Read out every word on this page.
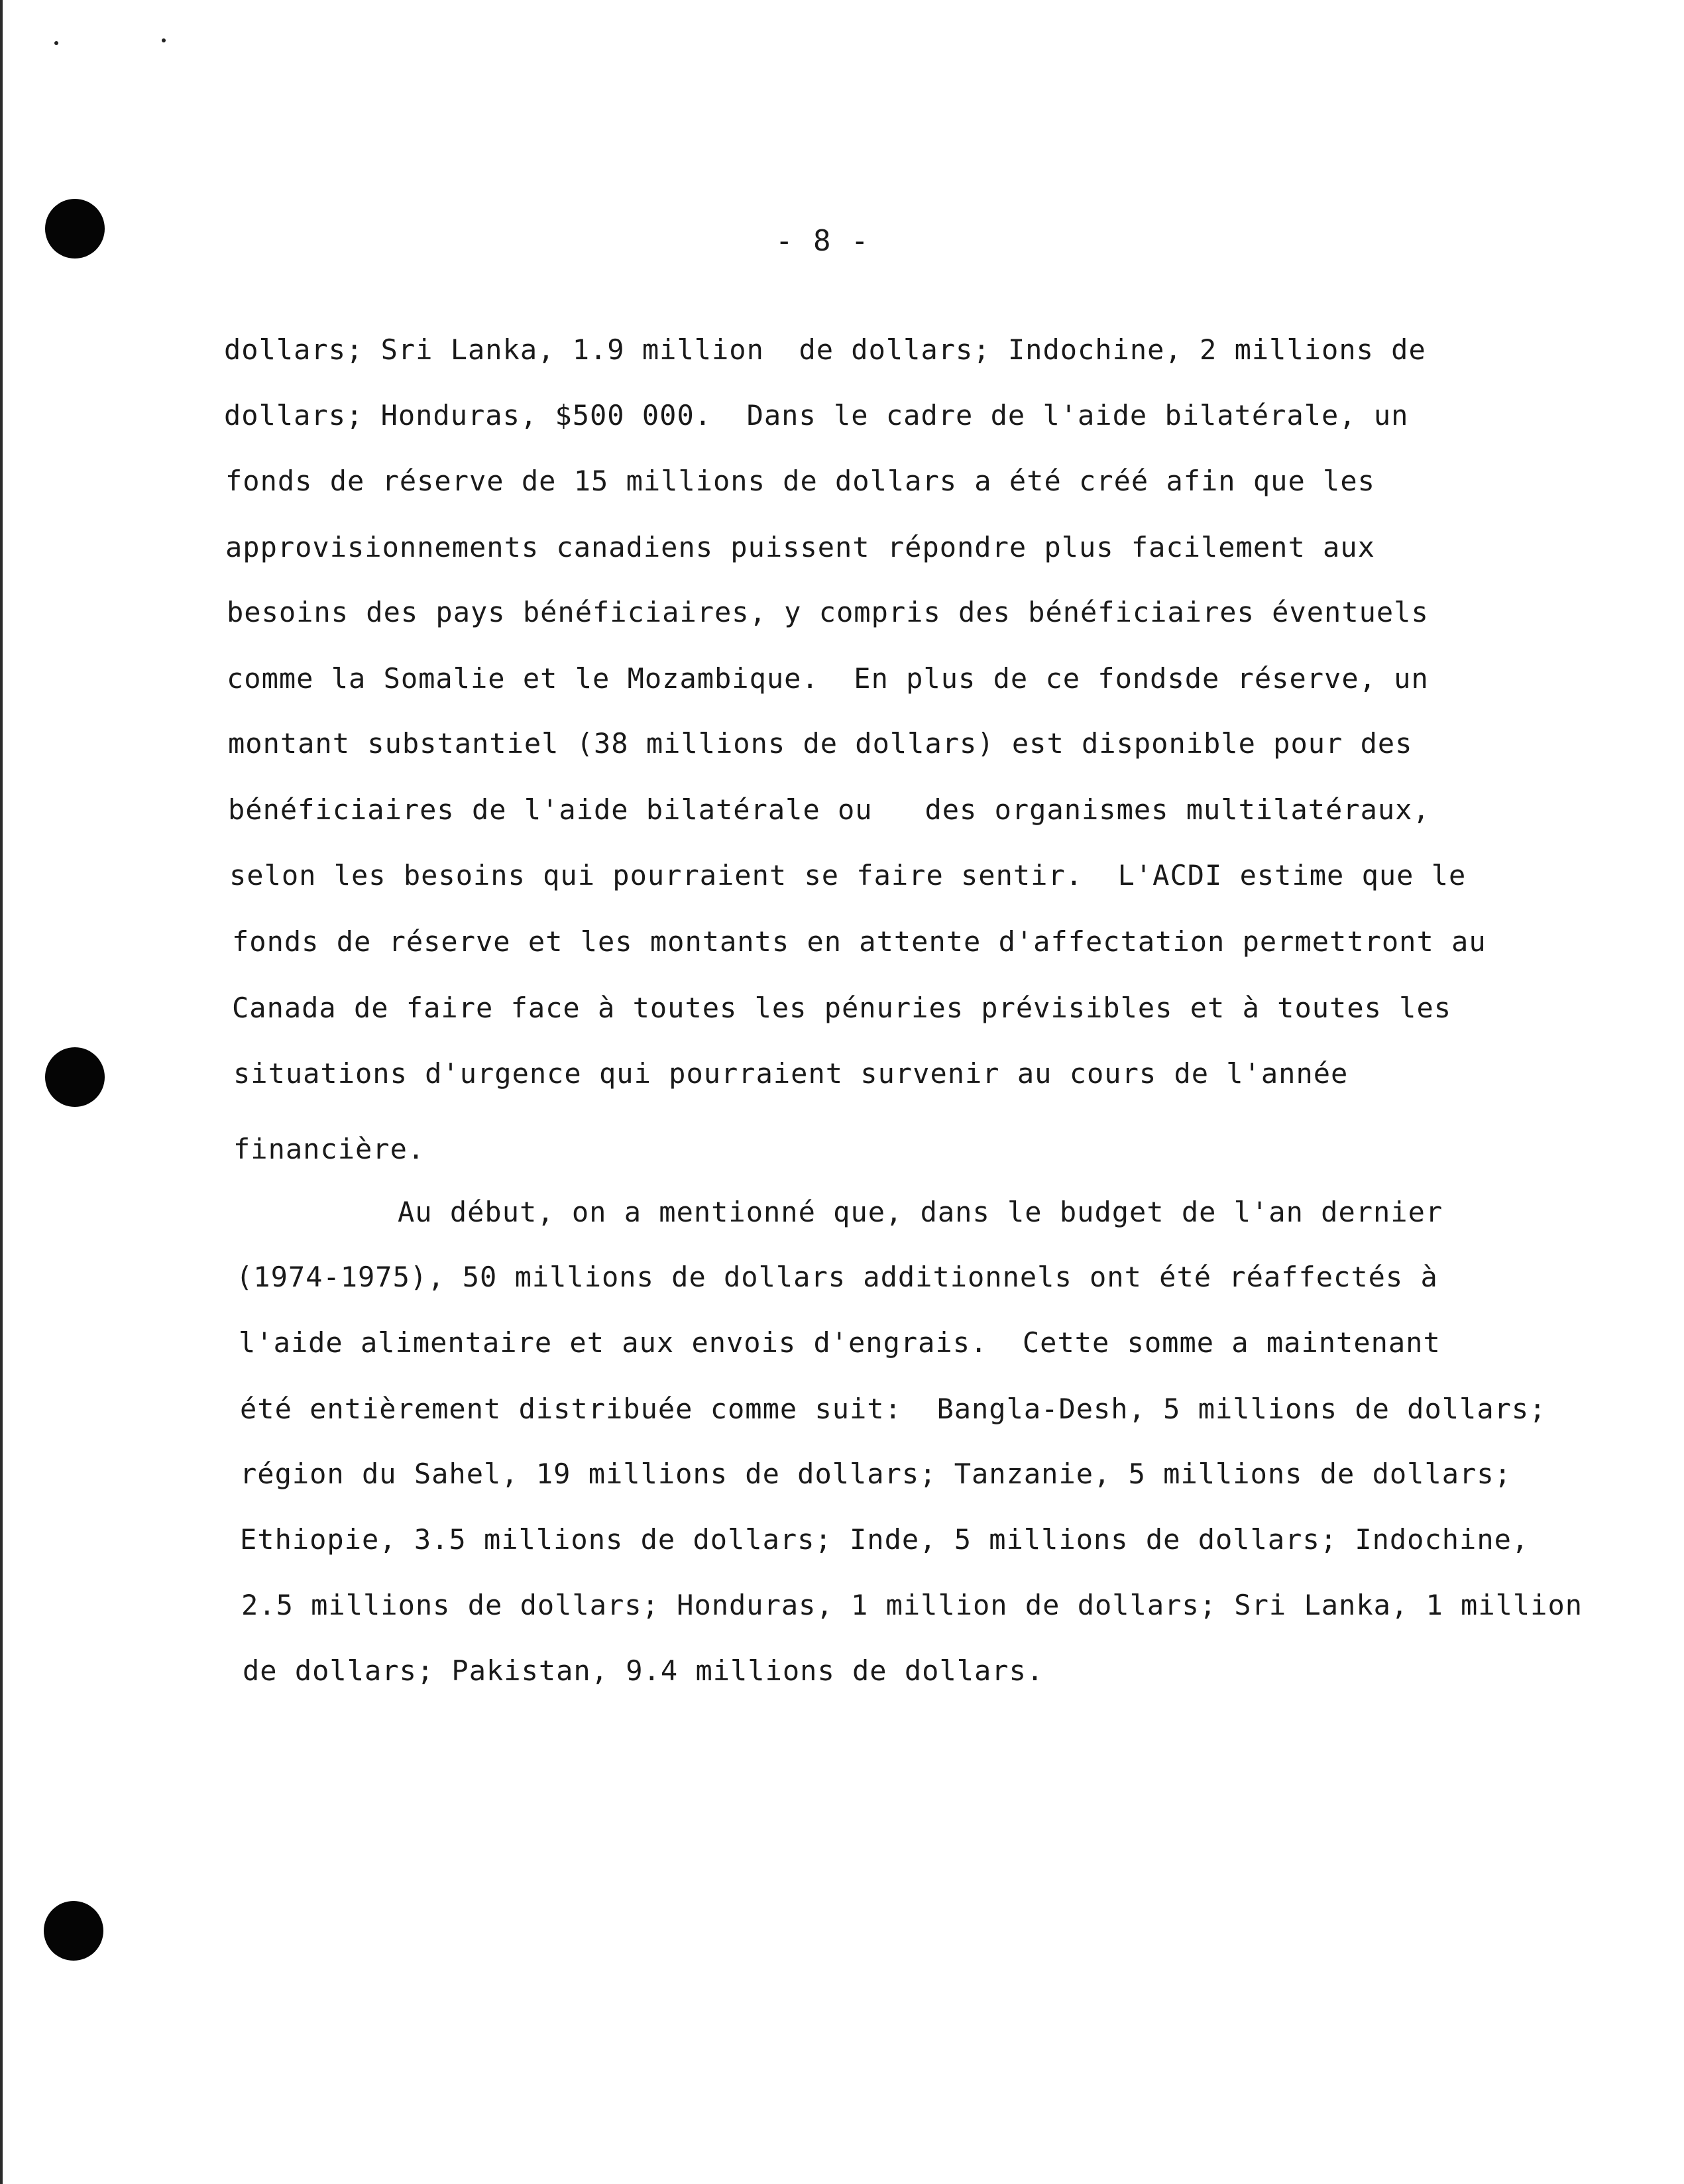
- 8 -
dollars; Sri Lanka, 1.9 million  de dollars; Indochine, 2 millions de
dollars; Honduras, $500 000.  Dans le cadre de l'aide bilatérale, un
fonds de réserve de 15 millions de dollars a été créé afin que les
approvisionnements canadiens puissent répondre plus facilement aux
besoins des pays bénéficiaires, y compris des bénéficiaires éventuels
comme la Somalie et le Mozambique.  En plus de ce fondsde réserve, un
montant substantiel (38 millions de dollars) est disponible pour des
bénéficiaires de l'aide bilatérale ou   des organismes multilatéraux,
selon les besoins qui pourraient se faire sentir.  L'ACDI estime que le
fonds de réserve et les montants en attente d'affectation permettront au
Canada de faire face à toutes les pénuries prévisibles et à toutes les
situations d'urgence qui pourraient survenir au cours de l'année
financière.
Au début, on a mentionné que, dans le budget de l'an dernier
(1974-1975), 50 millions de dollars additionnels ont été réaffectés à
l'aide alimentaire et aux envois d'engrais.  Cette somme a maintenant
été entièrement distribuée comme suit:  Bangla-Desh, 5 millions de dollars;
région du Sahel, 19 millions de dollars; Tanzanie, 5 millions de dollars;
Ethiopie, 3.5 millions de dollars; Inde, 5 millions de dollars; Indochine,
2.5 millions de dollars; Honduras, 1 million de dollars; Sri Lanka, 1 million
de dollars; Pakistan, 9.4 millions de dollars.
